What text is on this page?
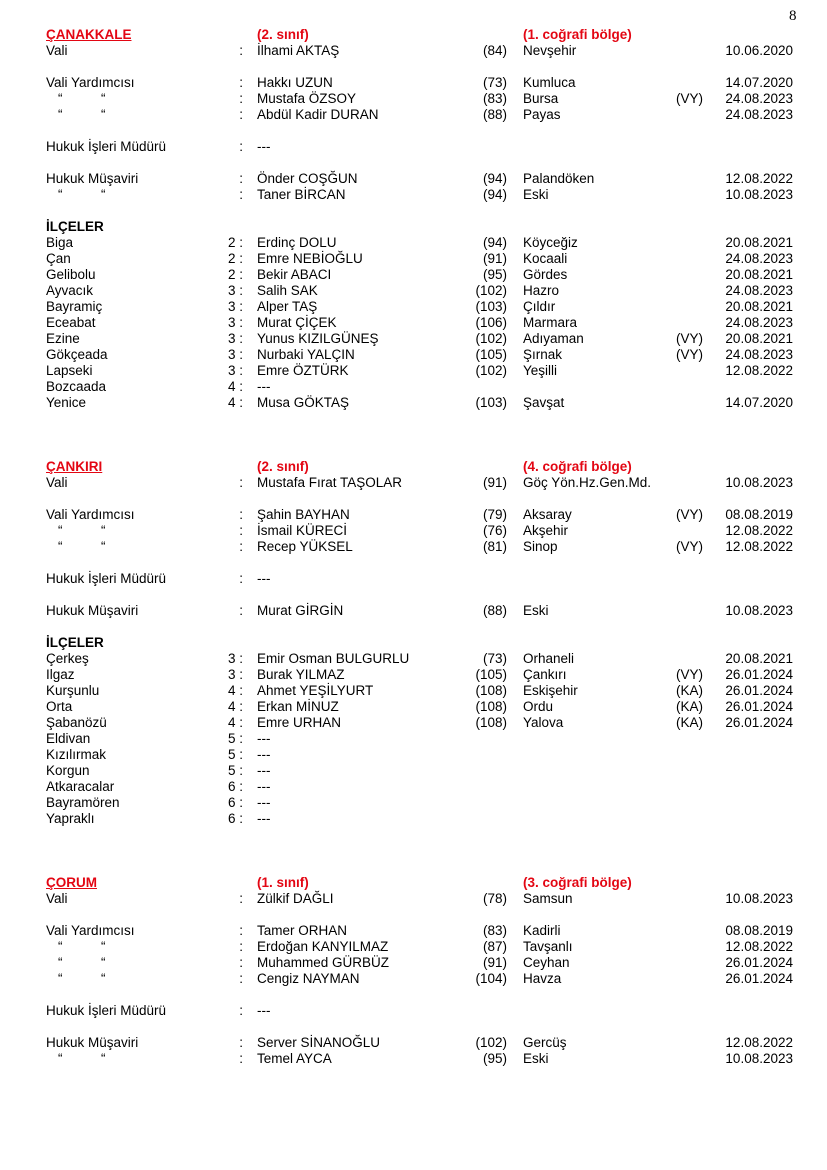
8
ÇANAKKALE	(2. sınıf)	(1. coğrafi bölge)
Vali	: İlhami AKTAŞ	(84) Nevşehir	10.06.2020
Vali Yardımcısı	: Hakkı UZUN	(73) Kumluca	14.07.2020
“	“	: Mustafa ÖZSOY	(83) Bursa	(VY)	24.08.2023
“	“	: Abdül Kadir DURAN	(88) Payas	24.08.2023
Hukuk İşleri Müdürü	: ---
Hukuk Müşaviri	: Önder COŞĞUN	(94) Palandöken	12.08.2022
“	“	: Taner BİRCAN	(94) Eski	10.08.2023
İLÇELER
Biga	2 : Erdinç DOLU	(94) Köyceğiz	20.08.2021
Çan	2 : Emre NEBİOĞLU	(91) Kocaali	24.08.2023
Gelibolu	2 : Bekir ABACI	(95) Gördes	20.08.2021
Ayvacık	3 : Salih SAK	(102) Hazro	24.08.2023
Bayramiç	3 : Alper TAŞ	(103) Çıldır	20.08.2021
Eceabat	3 : Murat ÇİÇEK	(106) Marmara	24.08.2023
Ezine	3 : Yunus KIZILGÜNEŞ	(102) Adıyaman	(VY)	20.08.2021
Gökçeada	3 : Nurbaki YALÇIN	(105) Şırnak	(VY)	24.08.2023
Lapseki	3 : Emre ÖZTÜRK	(102) Yeşilli	12.08.2022
Bozcaada	4 : ---
Yenice	4 : Musa GÖKTAŞ	(103) Şavşat	14.07.2020
ÇANKIRI	(2. sınıf)	(4. coğrafi bölge)
Vali	: Mustafa Fırat TAŞOLAR	(91) Göç Yön.Hz.Gen.Md.	10.08.2023
Vali Yardımcısı	: Şahin BAYHAN	(79) Aksaray	(VY)	08.08.2019
“	“	: İsmail KÜRECİ	(76) Akşehir	12.08.2022
“	“	: Recep YÜKSEL	(81) Sinop	(VY)	12.08.2022
Hukuk İşleri Müdürü	: ---
Hukuk Müşaviri	: Murat GİRGİN	(88) Eski	10.08.2023
İLÇELER
Çerkeş	3 : Emir Osman BULGURLU	(73) Orhaneli	20.08.2021
Ilgaz	3 : Burak YILMAZ	(105) Çankırı	(VY)	26.01.2024
Kurşunlu	4 : Ahmet YEŞİLYURT	(108) Eskişehir	(KA)	26.01.2024
Orta	4 : Erkan MİNUZ	(108) Ordu	(KA)	26.01.2024
Şabanözü	4 : Emre URHAN	(108) Yalova	(KA)	26.01.2024
Eldivan	5 : ---
Kızılırmak	5 : ---
Korgun	5 : ---
Atkaracalar	6 : ---
Bayramören	6 : ---
Yapraklı	6 : ---
ÇORUM	(1. sınıf)	(3. coğrafi bölge)
Vali	: Zülkif DAĞLI	(78) Samsun	10.08.2023
Vali Yardımcısı	: Tamer ORHAN	(83) Kadirli	08.08.2019
“	“	: Erdoğan KANYILMAZ	(87) Tavşanlı	12.08.2022
“	“	: Muhammed GÜRBÜZ	(91) Ceyhan	26.01.2024
“	“	: Cengiz NAYMAN	(104) Havza	26.01.2024
Hukuk İşleri Müdürü	: ---
Hukuk Müşaviri	: Server SİNANOĞLU	(102) Gercüş	12.08.2022
“	“	: Temel AYCA	(95) Eski	10.08.2023
